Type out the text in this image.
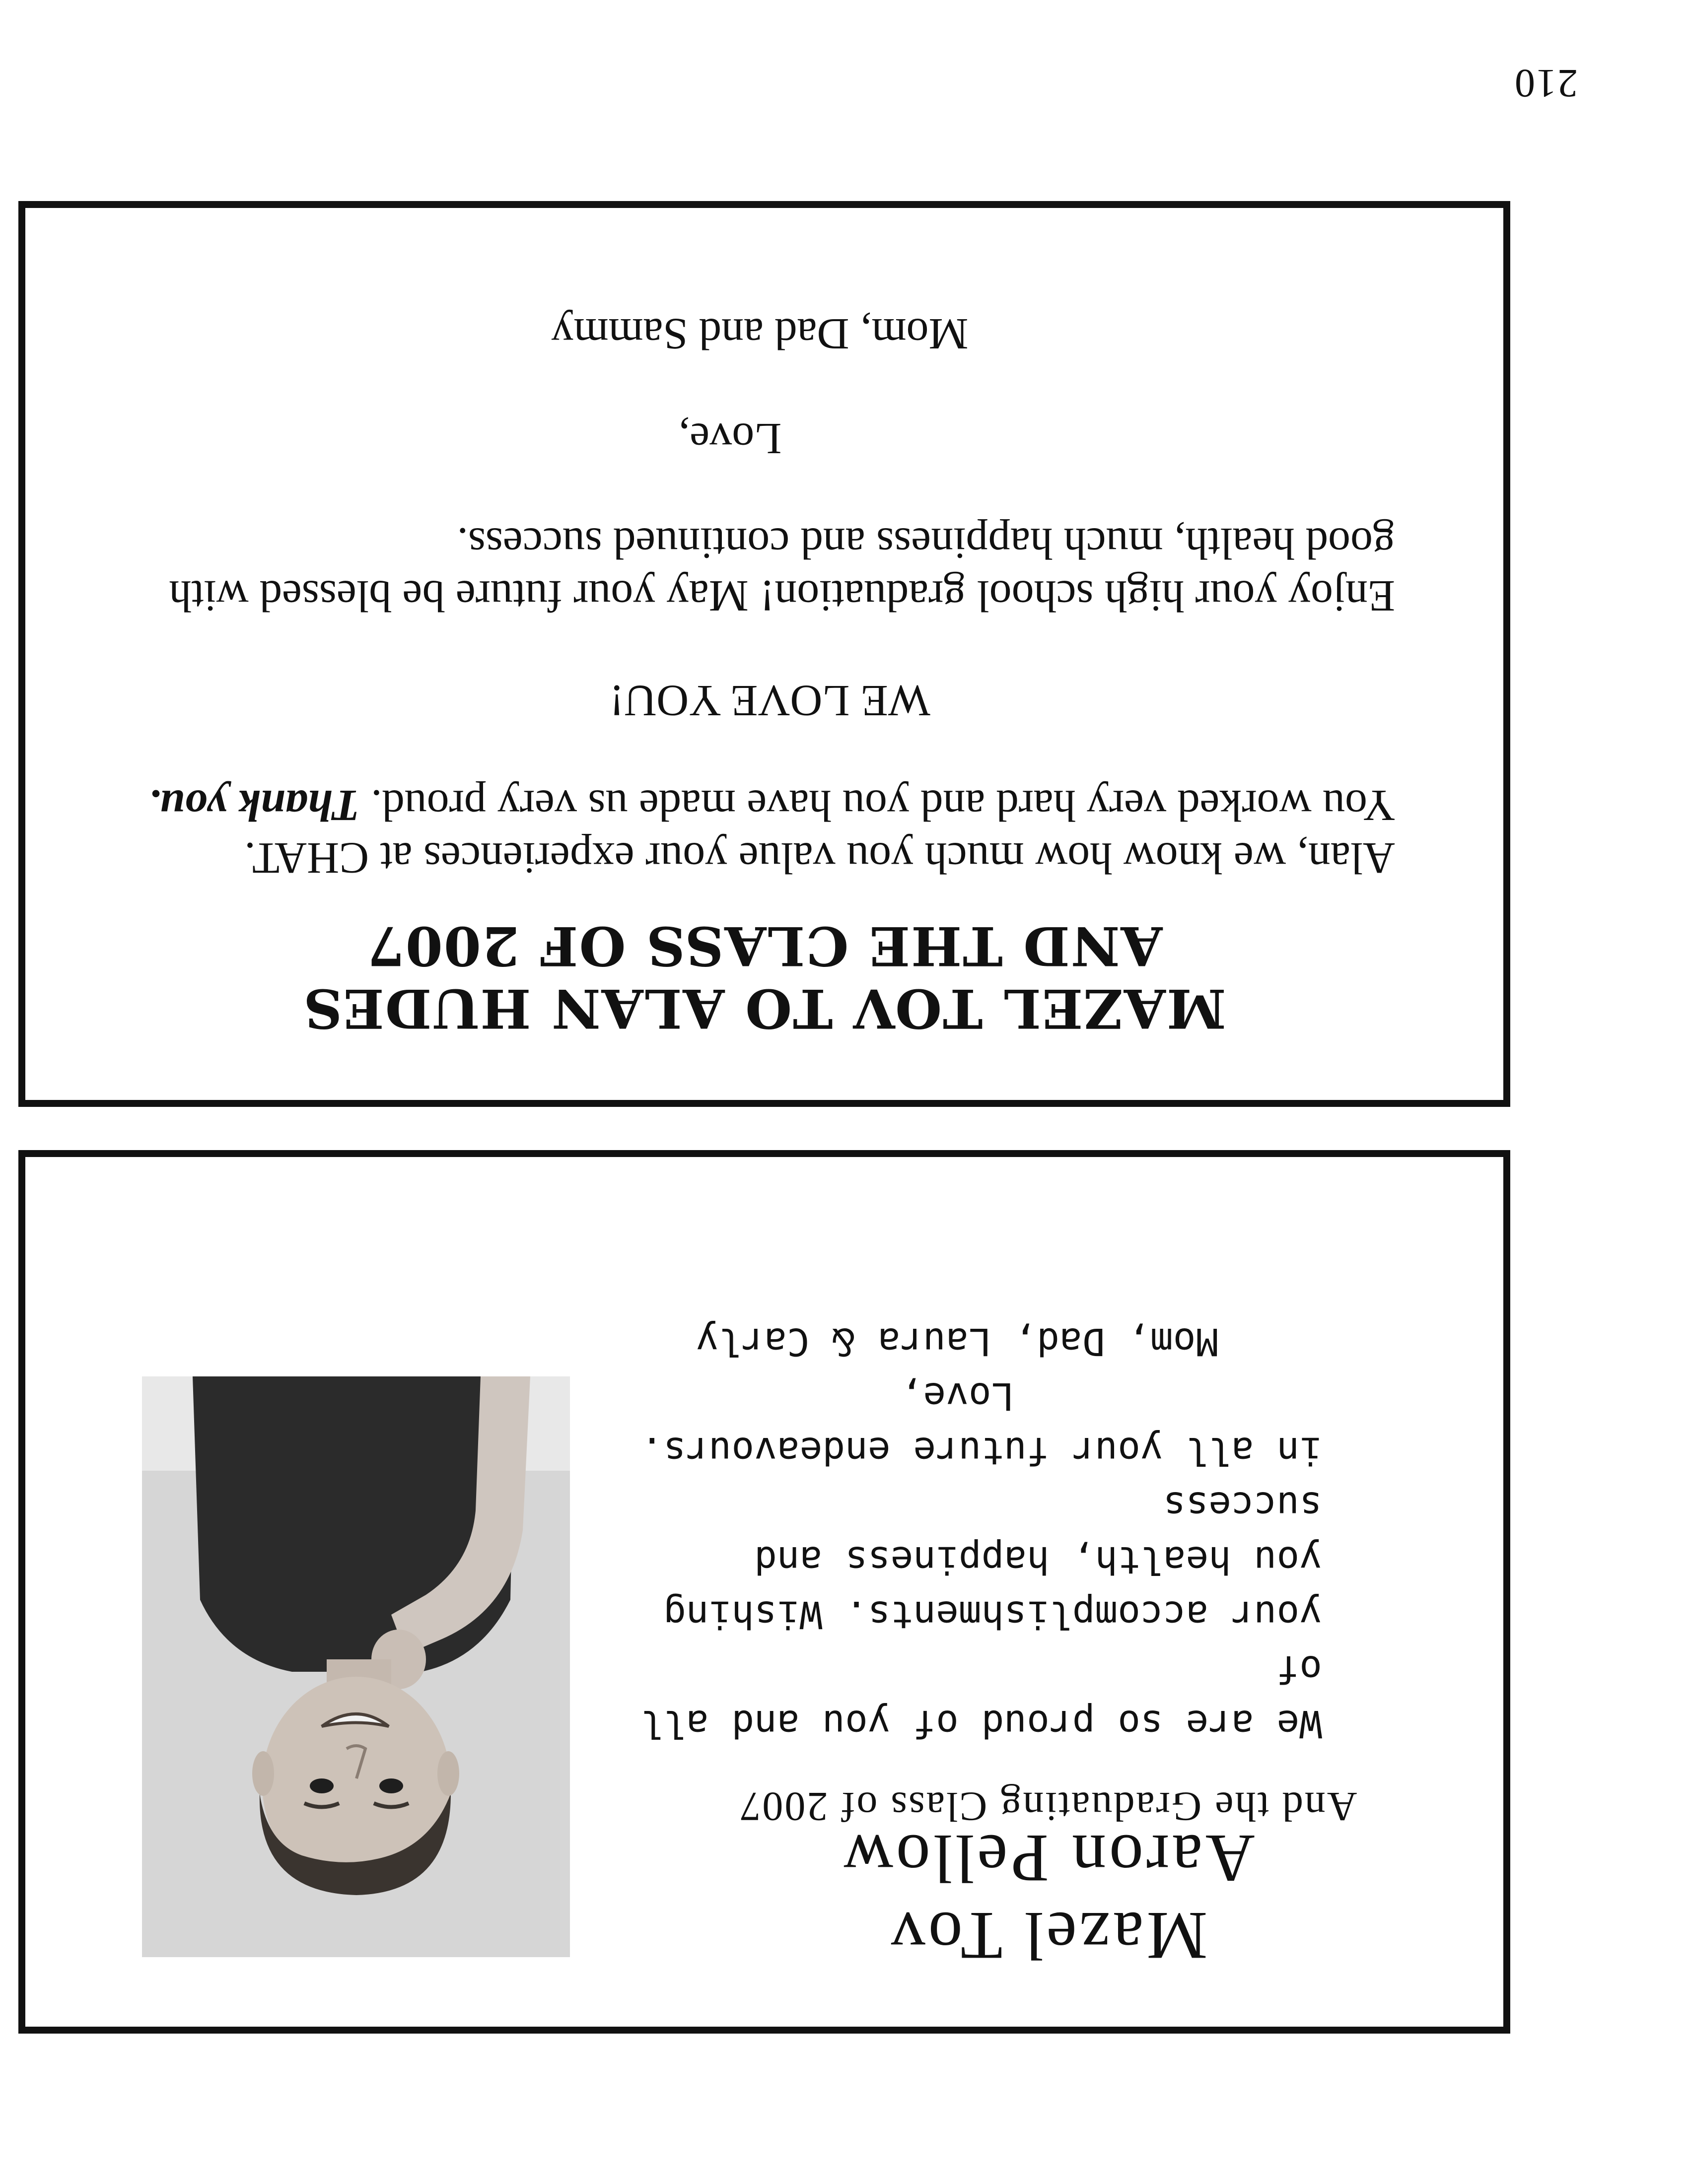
Mazel Tov
Aaron Pellow
And the Graduating Class of 2007

We are so proud of you and all of

your accomplishments. Wishing

you health, happiness and success

in all your future endeavours.

Love,

Mom, Dad, Laura & Carly

MAZEL TOV TO ALAN HUDES
AND THE CLASS OF 2007

Alan, we know how much you value your experiences at CHAT.

You worked very hard and you have made us very proud. Thank you.

WE LOVE YOU!

Enjoy your high school graduation! May your future be blessed with

good health, much happiness and continued success.

Love,

Mom, Dad and Sammy

210
